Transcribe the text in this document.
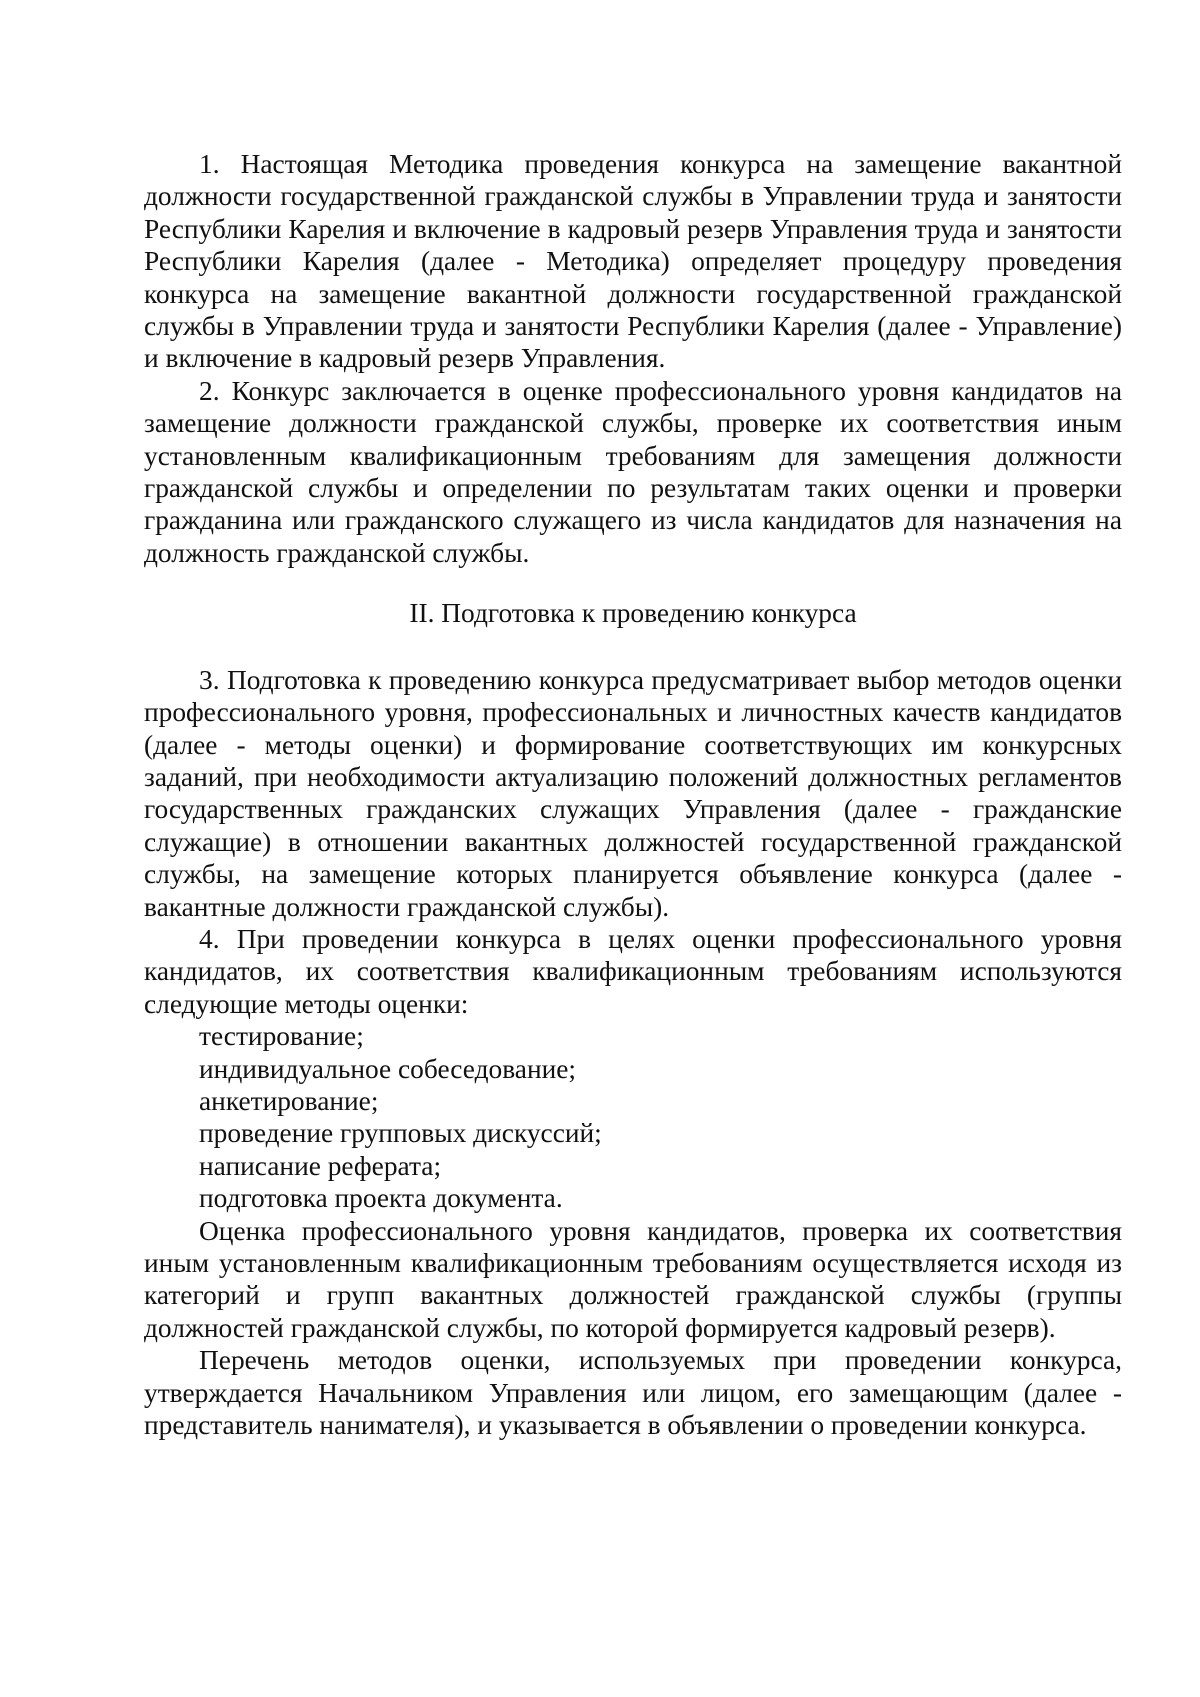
1. Настоящая Методика проведения конкурса на замещение вакантной должности государственной гражданской службы в Управлении труда и занятости Республики Карелия и включение в кадровый резерв Управления труда и занятости Республики Карелия (далее - Методика) определяет процедуру проведения конкурса на замещение вакантной должности государственной гражданской службы в Управлении труда и занятости Республики Карелия (далее - Управление) и включение в кадровый резерв Управления.

2. Конкурс заключается в оценке профессионального уровня кандидатов на замещение должности гражданской службы, проверке их соответствия иным установленным квалификационным требованиям для замещения должности гражданской службы и определении по результатам таких оценки и проверки гражданина или гражданского служащего из числа кандидатов для назначения на должность гражданской службы.

II. Подготовка к проведению конкурса

3. Подготовка к проведению конкурса предусматривает выбор методов оценки профессионального уровня, профессиональных и личностных качеств кандидатов (далее - методы оценки) и формирование соответствующих им конкурсных заданий, при необходимости актуализацию положений должностных регламентов государственных гражданских служащих Управления (далее - гражданские служащие) в отношении вакантных должностей государственной гражданской службы, на замещение которых планируется объявление конкурса (далее - вакантные должности гражданской службы).

4. При проведении конкурса в целях оценки профессионального уровня кандидатов, их соответствия квалификационным требованиям используются следующие методы оценки:

тестирование;
индивидуальное собеседование;
анкетирование;
проведение групповых дискуссий;
написание реферата;
подготовка проекта документа.

Оценка профессионального уровня кандидатов, проверка их соответствия иным установленным квалификационным требованиям осуществляется исходя из категорий и групп вакантных должностей гражданской службы (группы должностей гражданской службы, по которой формируется кадровый резерв).

Перечень методов оценки, используемых при проведении конкурса, утверждается Начальником Управления или лицом, его замещающим (далее - представитель нанимателя), и указывается в объявлении о проведении конкурса.
